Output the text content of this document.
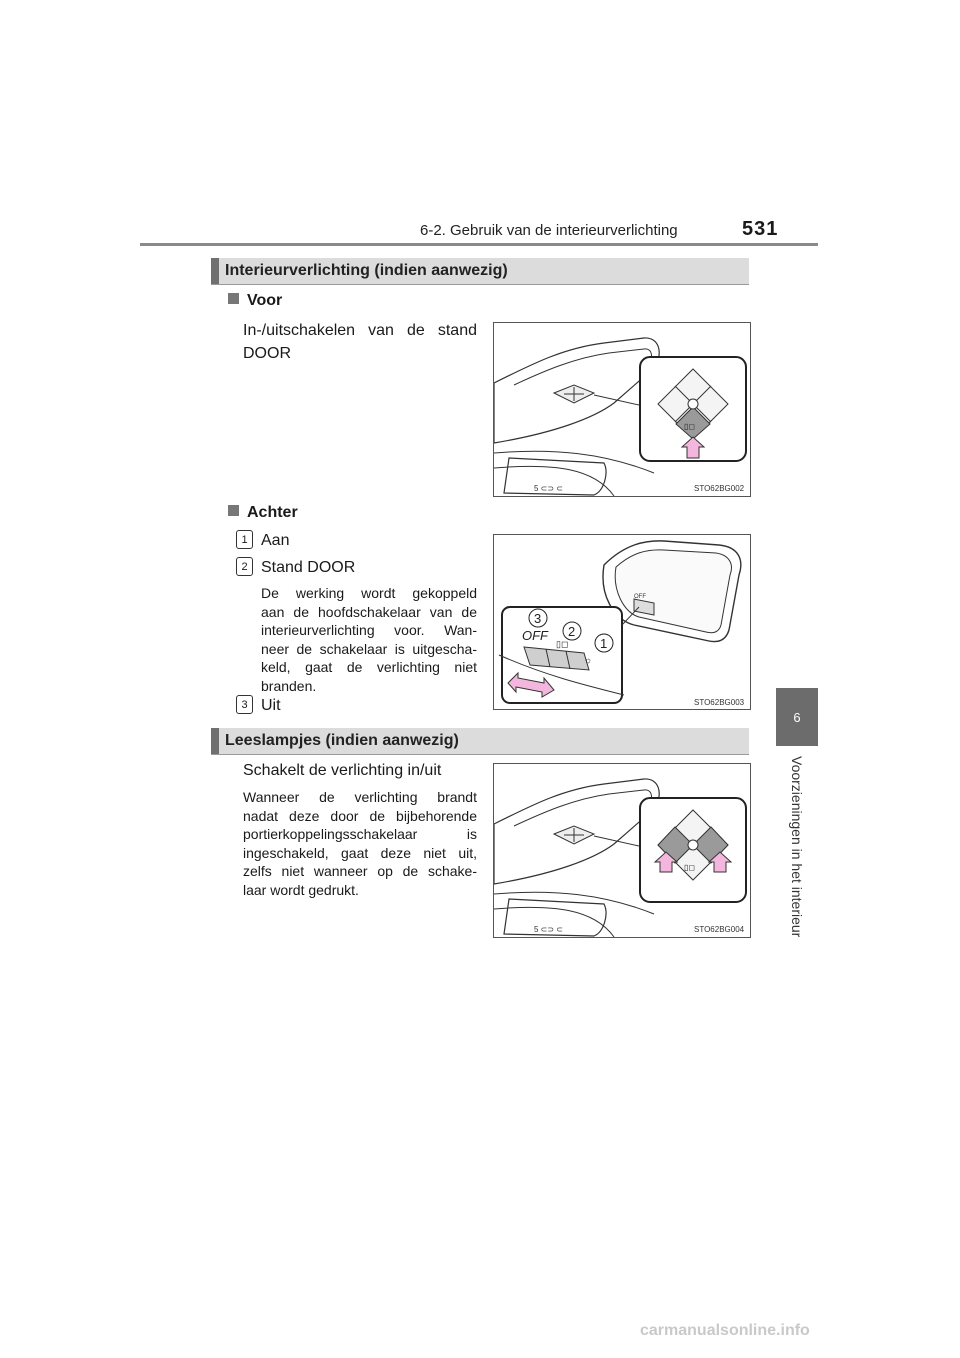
6-2. Gebruik van de interieurverlichting	531
6
Voorzieningen in het interieur
Interieurverlichting (indien aanwezig)
Voor
In-/uitschakelen van de stand
DOOR
5 ⊂⊃ ⊂
▯◻
STO62BG002
Achter
1 Aan
2 Stand DOOR
De werking wordt gekoppeld
aan de hoofdschakelaar van de
interieurverlichting voor. Wan-
neer de schakelaar is uitgescha-
keld, gaat de verlichting niet
branden.
3 Uit
OFF
OFF
▯◻
☼
3
2
1
STO62BG003
Leeslampjes (indien aanwezig)
Schakelt de verlichting in/uit
Wanneer de verlichting brandt
nadat deze door de bijbehorende
portierkoppelingsschakelaar is
ingeschakeld, gaat deze niet uit,
zelfs niet wanneer op de schake-
laar wordt gedrukt.
5 ⊂⊃ ⊂
▯◻
STO62BG004
carmanualsonline.info
